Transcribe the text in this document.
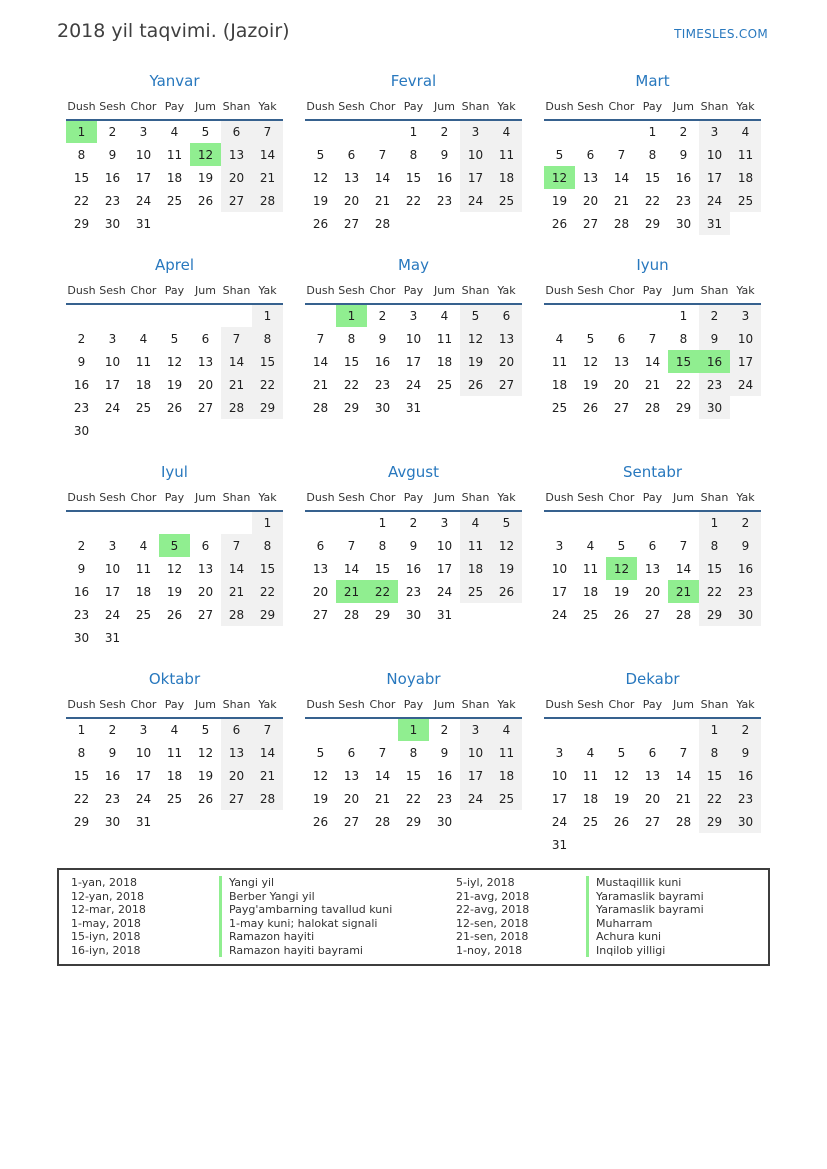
2018 yil taqvimi. (Jazoir)	TIMESLES.COM
Yanvar
Dush	Sesh	Chor	Pay	Jum	Shan	Yak
1	2	3	4	5	6	7
8	9	10	11	12	13	14
15	16	17	18	19	20	21
22	23	24	25	26	27	28
29	30	31				
Fevral
Dush	Sesh	Chor	Pay	Jum	Shan	Yak
			1	2	3	4
5	6	7	8	9	10	11
12	13	14	15	16	17	18
19	20	21	22	23	24	25
26	27	28				
Mart
Dush	Sesh	Chor	Pay	Jum	Shan	Yak
			1	2	3	4
5	6	7	8	9	10	11
12	13	14	15	16	17	18
19	20	21	22	23	24	25
26	27	28	29	30	31	
Aprel
Dush	Sesh	Chor	Pay	Jum	Shan	Yak
						1
2	3	4	5	6	7	8
9	10	11	12	13	14	15
16	17	18	19	20	21	22
23	24	25	26	27	28	29
30						
May
Dush	Sesh	Chor	Pay	Jum	Shan	Yak
	1	2	3	4	5	6
7	8	9	10	11	12	13
14	15	16	17	18	19	20
21	22	23	24	25	26	27
28	29	30	31			
Iyun
Dush	Sesh	Chor	Pay	Jum	Shan	Yak
				1	2	3
4	5	6	7	8	9	10
11	12	13	14	15	16	17
18	19	20	21	22	23	24
25	26	27	28	29	30	
Iyul
Dush	Sesh	Chor	Pay	Jum	Shan	Yak
						1
2	3	4	5	6	7	8
9	10	11	12	13	14	15
16	17	18	19	20	21	22
23	24	25	26	27	28	29
30	31					
Avgust
Dush	Sesh	Chor	Pay	Jum	Shan	Yak
		1	2	3	4	5
6	7	8	9	10	11	12
13	14	15	16	17	18	19
20	21	22	23	24	25	26
27	28	29	30	31		
Sentabr
Dush	Sesh	Chor	Pay	Jum	Shan	Yak
					1	2
3	4	5	6	7	8	9
10	11	12	13	14	15	16
17	18	19	20	21	22	23
24	25	26	27	28	29	30
Oktabr
Dush	Sesh	Chor	Pay	Jum	Shan	Yak
1	2	3	4	5	6	7
8	9	10	11	12	13	14
15	16	17	18	19	20	21
22	23	24	25	26	27	28
29	30	31				
Noyabr
Dush	Sesh	Chor	Pay	Jum	Shan	Yak
			1	2	3	4
5	6	7	8	9	10	11
12	13	14	15	16	17	18
19	20	21	22	23	24	25
26	27	28	29	30		
Dekabr
Dush	Sesh	Chor	Pay	Jum	Shan	Yak
					1	2
3	4	5	6	7	8	9
10	11	12	13	14	15	16
17	18	19	20	21	22	23
24	25	26	27	28	29	30
31						
1-yan, 2018	Yangi yil	5-iyl, 2018	Mustaqillik kuni
12-yan, 2018	Berber Yangi yil	21-avg, 2018	Yaramaslik bayrami
12-mar, 2018	Payg'ambarning tavallud kuni	22-avg, 2018	Yaramaslik bayrami
1-may, 2018	1-may kuni; halokat signali	12-sen, 2018	Muharram
15-iyn, 2018	Ramazon hayiti	21-sen, 2018	Achura kuni
16-iyn, 2018	Ramazon hayiti bayrami	1-noy, 2018	Inqilob yilligi
